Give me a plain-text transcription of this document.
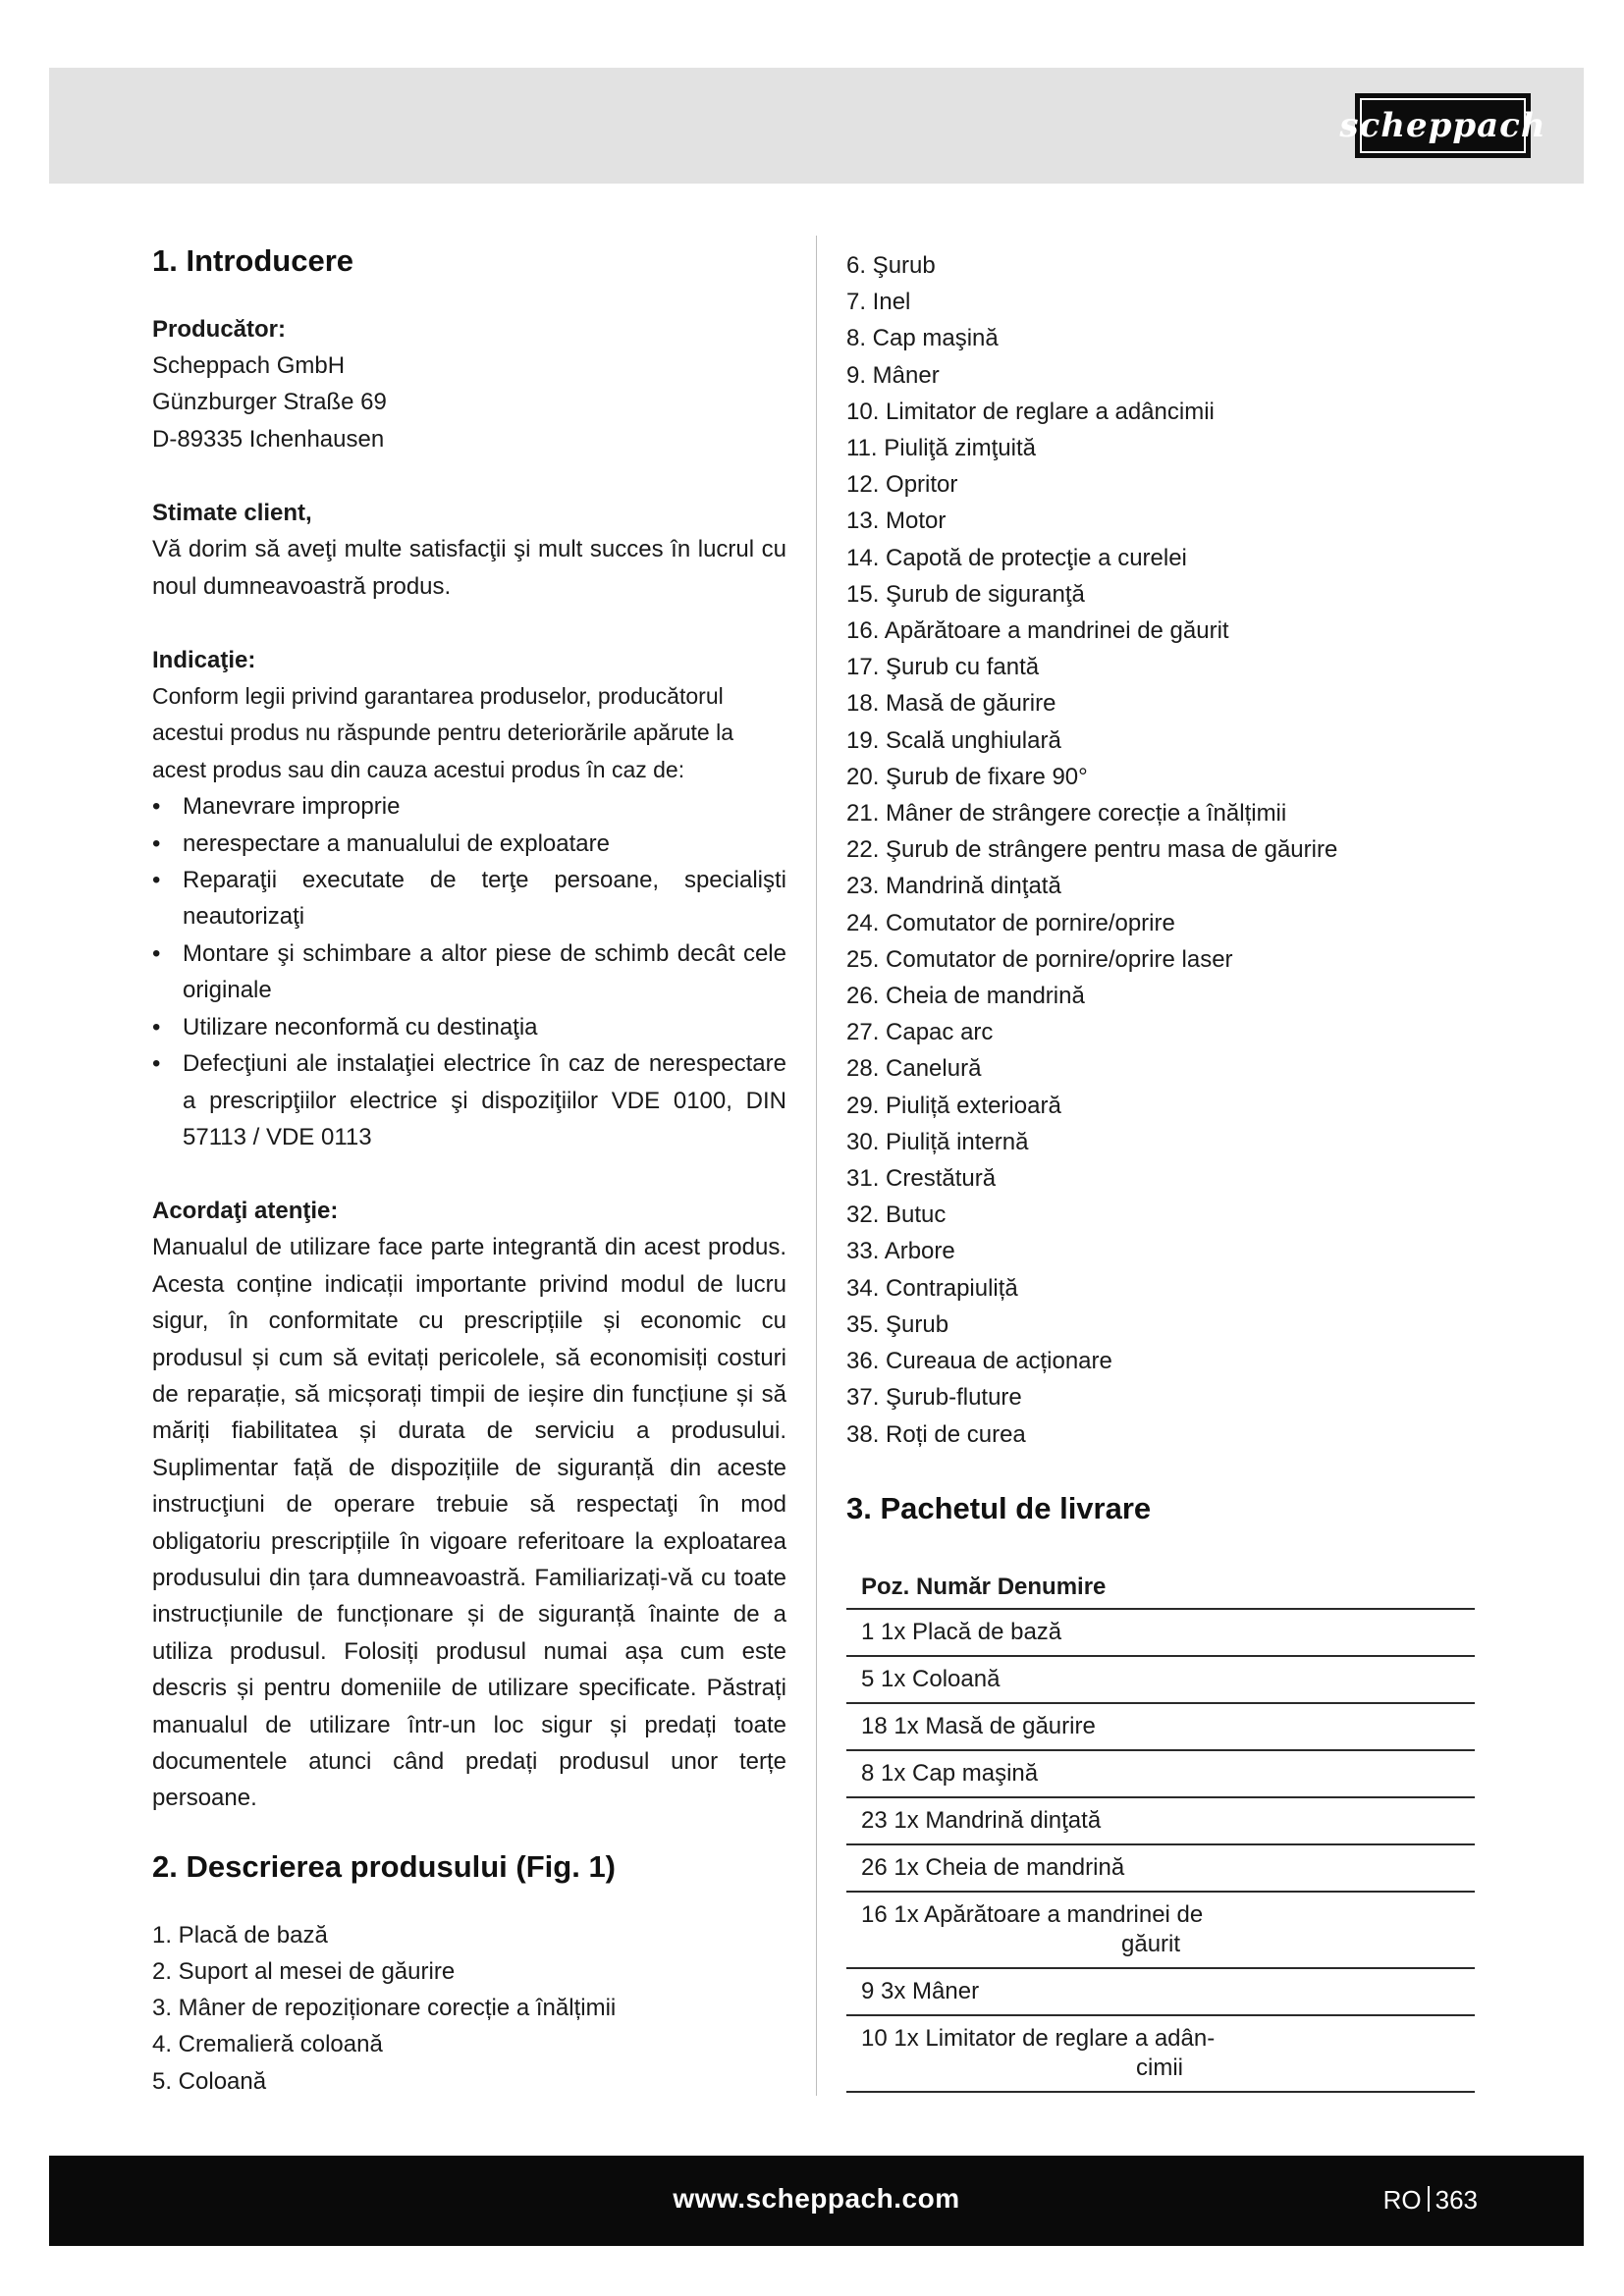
scheppach
1. Introducere

Producător:

Scheppach GmbH

Günzburger Straße 69

D-89335 Ichenhausen

Stimate client,

Vă dorim să aveţi multe satisfacţii şi mult succes în lucrul cu noul dumneavoastră produs.

Indicaţie:

Conform legii privind garantarea produselor, producătorul acestui produs nu răspunde pentru deteriorările apărute la acest produs sau din cauza acestui produs în caz de:

• Manevrare improprie
• nerespectare a manualului de exploatare
• Reparaţii executate de terţe persoane, specialişti neautorizaţi
• Montare şi schimbare a altor piese de schimb decât cele originale
• Utilizare neconformă cu destinaţia
• Defecţiuni ale instalaţiei electrice în caz de nerespectare a prescripţiilor electrice şi dispoziţiilor VDE 0100, DIN 57113 / VDE 0113

Acordaţi atenţie:

Manualul de utilizare face parte integrantă din acest produs. Acesta conține indicații importante privind modul de lucru sigur, în conformitate cu prescripțiile și economic cu produsul și cum să evitați pericolele, să economisiți costuri de reparație, să micșorați timpii de ieșire din funcțiune și să măriți fiabilitatea și durata de serviciu a produsului. Suplimentar față de dispozițiile de siguranță din aceste instrucţiuni de operare trebuie să respectaţi în mod obligatoriu prescripțiile în vigoare referitoare la exploatarea produsului din țara dumneavoastră. Familiarizați-vă cu toate instrucțiunile de funcționare și de siguranță înainte de a utiliza produsul. Folosiți produsul numai așa cum este descris și pentru domeniile de utilizare specificate. Păstrați manualul de utilizare într-un loc sigur și predați toate documentele atunci când predați produsul unor terțe persoane.

2. Descrierea produsului (Fig. 1)
1. Placă de bază
2. Suport al mesei de găurire
3. Mâner de repoziționare corecție a înălțimii
4. Cremalieră coloană
5. Coloană
6. Şurub
7. Inel
8. Cap maşină
9. Mâner
10. Limitator de reglare a adâncimii
11. Piuliţă zimţuită
12. Opritor
13. Motor
14. Capotă de protecţie a curelei
15. Şurub de siguranţă
16. Apărătoare a mandrinei de găurit
17. Şurub cu fantă
18. Masă de găurire
19. Scală unghiulară
20. Şurub de fixare 90°
21. Mâner de strângere corecție a înălțimii
22. Şurub de strângere pentru masa de găurire
23. Mandrină dinţată
24. Comutator de pornire/oprire
25. Comutator de pornire/oprire laser
26. Cheia de mandrină
27. Capac arc
28. Canelură
29. Piuliță exterioară
30. Piuliță internă
31. Crestătură
32. Butuc
33. Arbore
34. Contrapiuliță
35. Şurub
36. Cureaua de acționare
37. Şurub-fluture
38. Roți de curea
3. Pachetul de livrare
Poz. Număr Denumire
1 1x Placă de bază
5 1x Coloană
18 1x Masă de găurire
8 1x Cap maşină
23 1x Mandrină dinţată
26 1x Cheia de mandrină
16 1x Apărătoare a mandrinei de
găurit

9 3x Mâner
10 1x Limitator de reglare a adân-
cimii
www.scheppach.com	RO 363
